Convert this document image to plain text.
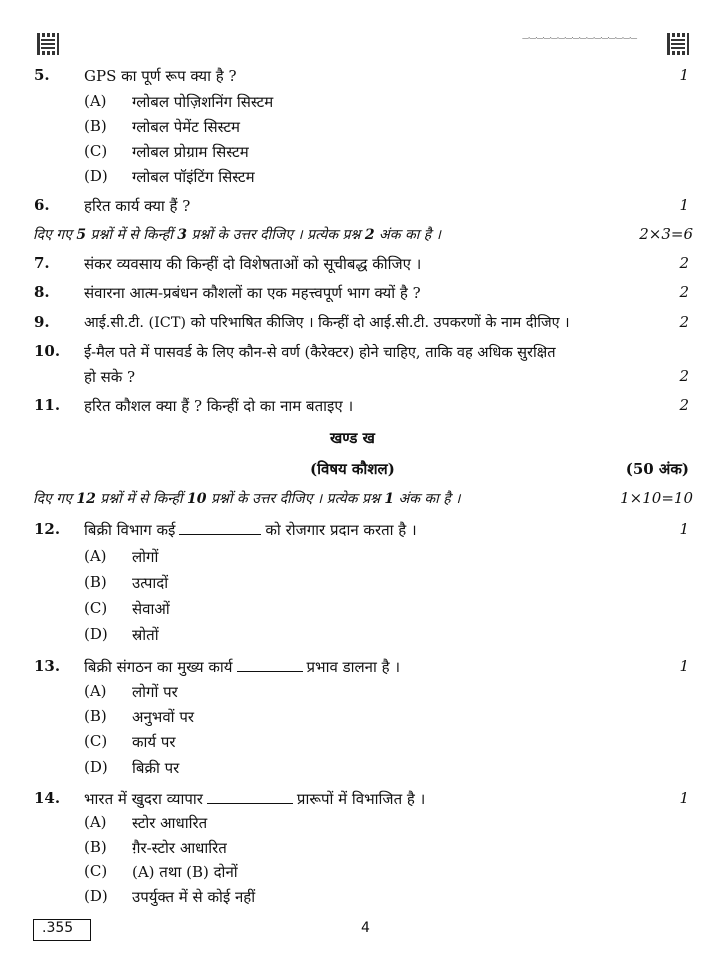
—·—·—·—·—·—·—·—·—·—·—·—·—·—·—·—
5. GPS का पूर्ण रूप क्या है ?	1
(A) ग्लोबल पोज़िशनिंग सिस्टम
(B) ग्लोबल पेमेंट सिस्टम
(C) ग्लोबल प्रोग्राम सिस्टम
(D) ग्लोबल पॉइंटिंग सिस्टम
6. हरित कार्य क्या हैं ?	1
दिए गए 5 प्रश्नों में से किन्हीं 3 प्रश्नों के उत्तर दीजिए । प्रत्येक प्रश्न 2 अंक का है ।	2×3=6
7. संकर व्यवसाय की किन्हीं दो विशेषताओं को सूचीबद्ध कीजिए ।	2
8. संवारना आत्म-प्रबंधन कौशलों का एक महत्त्वपूर्ण भाग क्यों है ?	2
9. आई.सी.टी. (ICT) को परिभाषित कीजिए । किन्हीं दो आई.सी.टी. उपकरणों के नाम दीजिए ।	2
10. ई-मैल पते में पासवर्ड के लिए कौन-से वर्ण (कैरेक्टर) होने चाहिए, ताकि वह अधिक सुरक्षित
हो सके ?	2
11. हरित कौशल क्या हैं ? किन्हीं दो का नाम बताइए ।	2
खण्ड ख
(विषय कौशल)	(50 अंक)
दिए गए 12 प्रश्नों में से किन्हीं 10 प्रश्नों के उत्तर दीजिए । प्रत्येक प्रश्न 1 अंक का है ।	1×10=10
12. बिक्री विभाग कई	को रोजगार प्रदान करता है ।	1
(A) लोगों
(B) उत्पादों
(C) सेवाओं
(D) स्रोतों
13. बिक्री संगठन का मुख्य कार्य	प्रभाव डालना है ।	1
(A) लोगों पर
(B) अनुभवों पर
(C) कार्य पर
(D) बिक्री पर
14. भारत में खुदरा व्यापार	प्रारूपों में विभाजित है ।	1
(A) स्टोर आधारित
(B) ग़ैर-स्टोर आधारित
(C) (A) तथा (B) दोनों
(D) उपर्युक्त में से कोई नहीं
.355	4
